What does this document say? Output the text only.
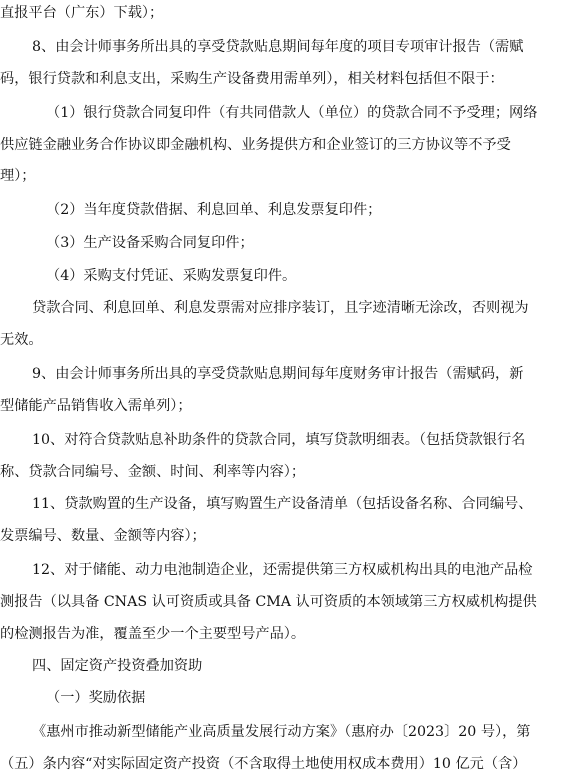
直报平台（广东）下载）；
8、由会计师事务所出具的享受贷款贴息期间每年度的项目专项审计报告（需赋
码，银行贷款和利息支出，采购生产设备费用需单列），相关材料包括但不限于：
（1）银行贷款合同复印件（有共同借款人（单位）的贷款合同不予受理；网络
供应链金融业务合作协议即金融机构、业务提供方和企业签订的三方协议等不予受
理）；
（2）当年度贷款借据、利息回单、利息发票复印件；
（3）生产设备采购合同复印件；
（4）采购支付凭证、采购发票复印件。
贷款合同、利息回单、利息发票需对应排序装订，且字迹清晰无涂改，否则视为
无效。
9、由会计师事务所出具的享受贷款贴息期间每年度财务审计报告（需赋码，新
型储能产品销售收入需单列）；
10、对符合贷款贴息补助条件的贷款合同，填写贷款明细表。（包括贷款银行名
称、贷款合同编号、金额、时间、利率等内容）；
11、贷款购置的生产设备，填写购置生产设备清单（包括设备名称、合同编号、
发票编号、数量、金额等内容）；
12、对于储能、动力电池制造企业，还需提供第三方权威机构出具的电池产品检
测报告（以具备 CNAS 认可资质或具备 CMA 认可资质的本领域第三方权威机构提供
的检测报告为准，覆盖至少一个主要型号产品）。
四、固定资产投资叠加资助
（一）奖励依据
《惠州市推动新型储能产业高质量发展行动方案》（惠府办〔2023〕20 号），第
（五）条内容“对实际固定资产投资（不含取得土地使用权成本费用）10 亿元（含）
